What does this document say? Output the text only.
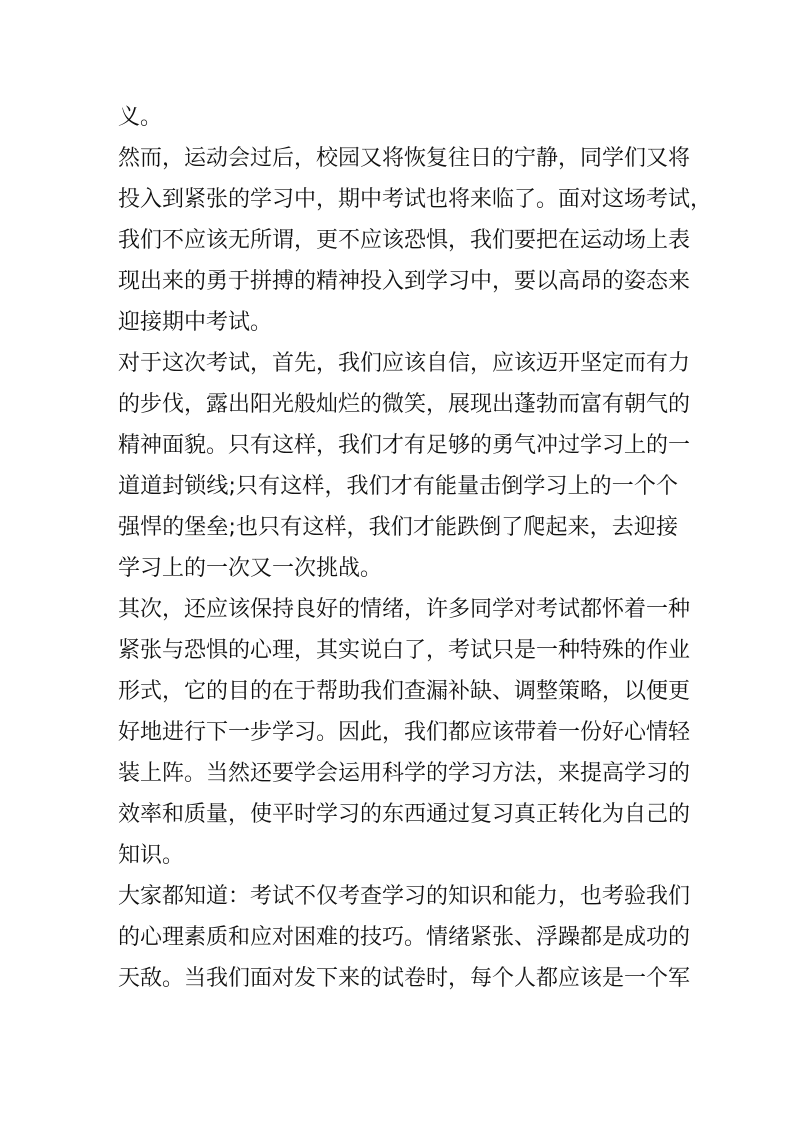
义。
然而，运动会过后，校园又将恢复往日的宁静，同学们又将
投入到紧张的学习中，期中考试也将来临了。面对这场考试，
我们不应该无所谓，更不应该恐惧，我们要把在运动场上表
现出来的勇于拼搏的精神投入到学习中，要以高昂的姿态来
迎接期中考试。
对于这次考试，首先，我们应该自信，应该迈开坚定而有力
的步伐，露出阳光般灿烂的微笑，展现出蓬勃而富有朝气的
精神面貌。只有这样，我们才有足够的勇气冲过学习上的一
道道封锁线;只有这样，我们才有能量击倒学习上的一个个
强悍的堡垒;也只有这样，我们才能跌倒了爬起来，去迎接
学习上的一次又一次挑战。
其次，还应该保持良好的情绪，许多同学对考试都怀着一种
紧张与恐惧的心理，其实说白了，考试只是一种特殊的作业
形式，它的目的在于帮助我们查漏补缺、调整策略，以便更
好地进行下一步学习。因此，我们都应该带着一份好心情轻
装上阵。当然还要学会运用科学的学习方法，来提高学习的
效率和质量，使平时学习的东西通过复习真正转化为自己的
知识。
大家都知道：考试不仅考查学习的知识和能力，也考验我们
的心理素质和应对困难的技巧。情绪紧张、浮躁都是成功的
天敌。当我们面对发下来的试卷时，每个人都应该是一个军
